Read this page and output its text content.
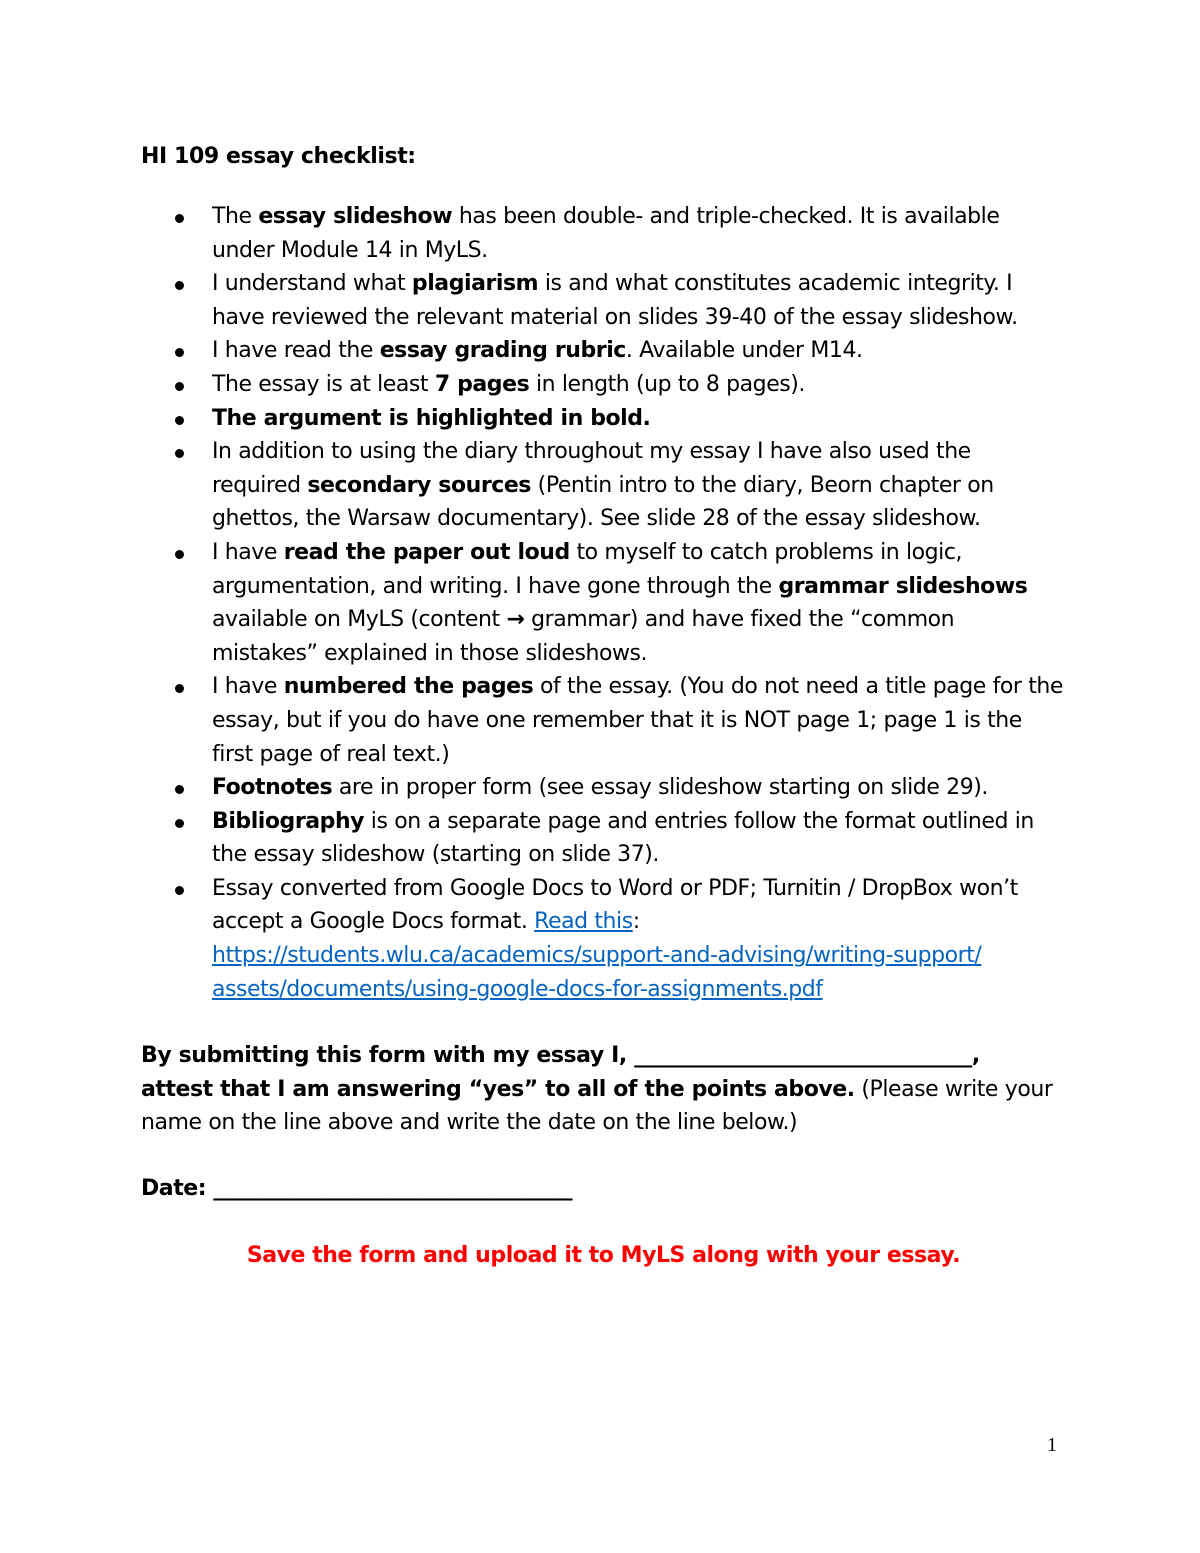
HI 109 essay checklist:

The essay slideshow has been double- and triple-checked. It is available under Module 14 in MyLS.
I understand what plagiarism is and what constitutes academic integrity. I have reviewed the relevant material on slides 39-40 of the essay slideshow.
I have read the essay grading rubric. Available under M14.
The essay is at least 7 pages in length (up to 8 pages).
The argument is highlighted in bold.
In addition to using the diary throughout my essay I have also used the required secondary sources (Pentin intro to the diary, Beorn chapter on ghettos, the Warsaw documentary). See slide 28 of the essay slideshow.
I have read the paper out loud to myself to catch problems in logic, argumentation, and writing. I have gone through the grammar slideshows available on MyLS (content → grammar) and have fixed the “common mistakes” explained in those slideshows.
I have numbered the pages of the essay. (You do not need a title page for the essay, but if you do have one remember that it is NOT page 1; page 1 is the first page of real text.)
Footnotes are in proper form (see essay slideshow starting on slide 29).
Bibliography is on a separate page and entries follow the format outlined in the essay slideshow (starting on slide 37).
Essay converted from Google Docs to Word or PDF; Turnitin / DropBox won’t accept a Google Docs format. Read this:
https://students.wlu.ca/academics/support-and-advising/writing-support/
assets/documents/using-google-docs-for-assignments.pdf
By submitting this form with my essay I, ________________________________,
attest that I am answering “yes” to all of the points above. (Please write your name on the line above and write the date on the line below.)
Date: __________________________________
Save the form and upload it to MyLS along with your essay.
1
